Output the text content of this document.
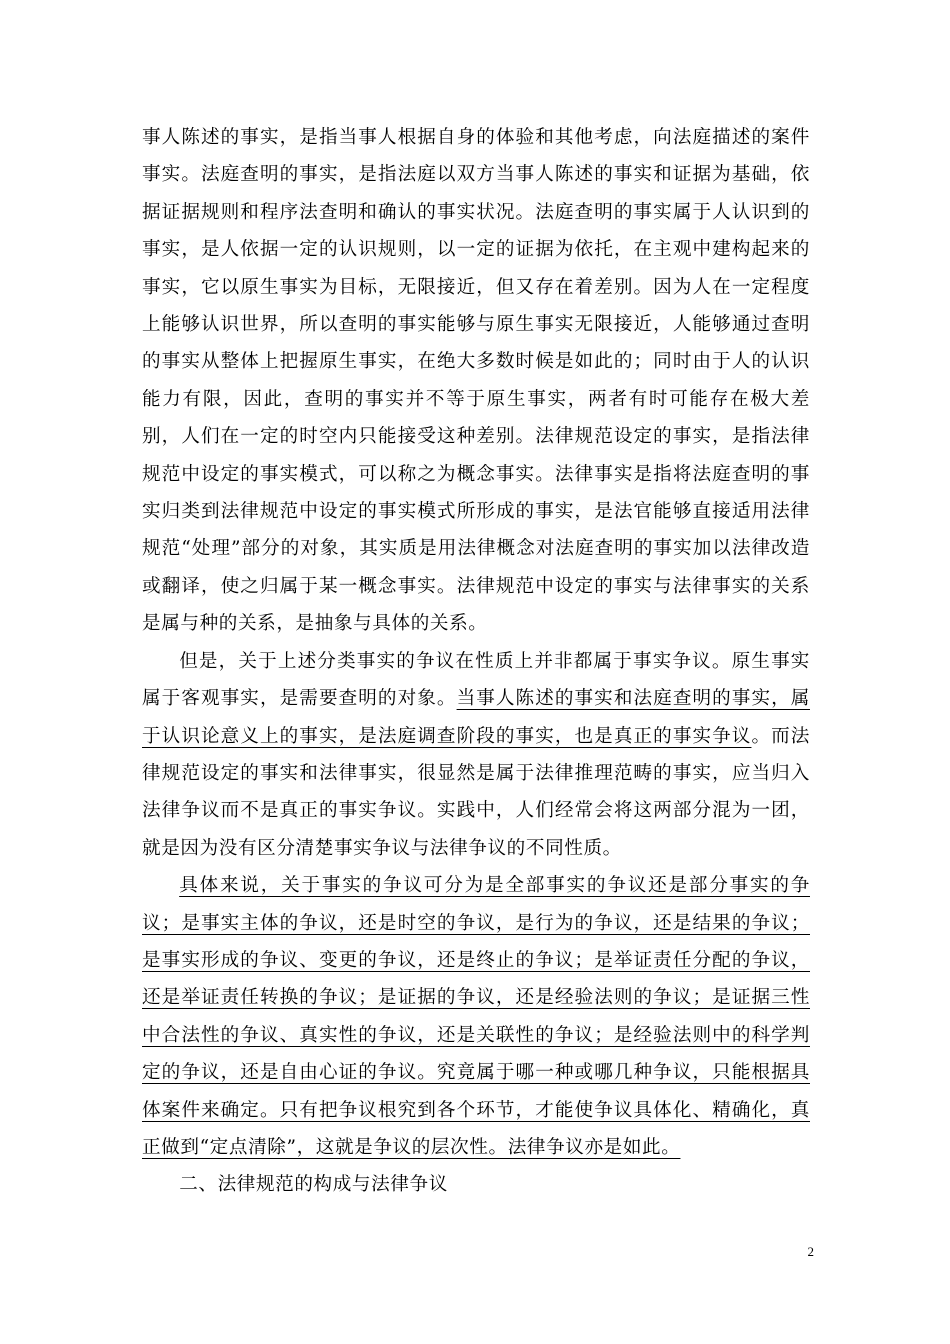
事人陈述的事实，是指当事人根据自身的体验和其他考虑，向法庭描述的案件事实。法庭查明的事实，是指法庭以双方当事人陈述的事实和证据为基础，依据证据规则和程序法查明和确认的事实状况。法庭查明的事实属于人认识到的事实，是人依据一定的认识规则，以一定的证据为依托，在主观中建构起来的事实，它以原生事实为目标，无限接近，但又存在着差别。因为人在一定程度上能够认识世界，所以查明的事实能够与原生事实无限接近，人能够通过查明的事实从整体上把握原生事实，在绝大多数时候是如此的；同时由于人的认识能力有限，因此，查明的事实并不等于原生事实，两者有时可能存在极大差别，人们在一定的时空内只能接受这种差别。法律规范设定的事实，是指法律规范中设定的事实模式，可以称之为概念事实。法律事实是指将法庭查明的事实归类到法律规范中设定的事实模式所形成的事实，是法官能够直接适用法律规范“处理”部分的对象，其实质是用法律概念对法庭查明的事实加以法律改造或翻译，使之归属于某一概念事实。法律规范中设定的事实与法律事实的关系是属与种的关系，是抽象与具体的关系。

但是，关于上述分类事实的争议在性质上并非都属于事实争议。原生事实属于客观事实，是需要查明的对象。当事人陈述的事实和法庭查明的事实，属于认识论意义上的事实，是法庭调查阶段的事实，也是真正的事实争议。而法律规范设定的事实和法律事实，很显然是属于法律推理范畴的事实，应当归入法律争议而不是真正的事实争议。实践中，人们经常会将这两部分混为一团，就是因为没有区分清楚事实争议与法律争议的不同性质。

具体来说，关于事实的争议可分为是全部事实的争议还是部分事实的争议；是事实主体的争议，还是时空的争议，是行为的争议，还是结果的争议；是事实形成的争议、变更的争议，还是终止的争议；是举证责任分配的争议，还是举证责任转换的争议；是证据的争议，还是经验法则的争议；是证据三性中合法性的争议、真实性的争议，还是关联性的争议；是经验法则中的科学判定的争议，还是自由心证的争议。究竟属于哪一种或哪几种争议，只能根据具体案件来确定。只有把争议根究到各个环节，才能使争议具体化、精确化，真正做到“定点清除”，这就是争议的层次性。法律争议亦是如此。

二、法律规范的构成与法律争议

2
